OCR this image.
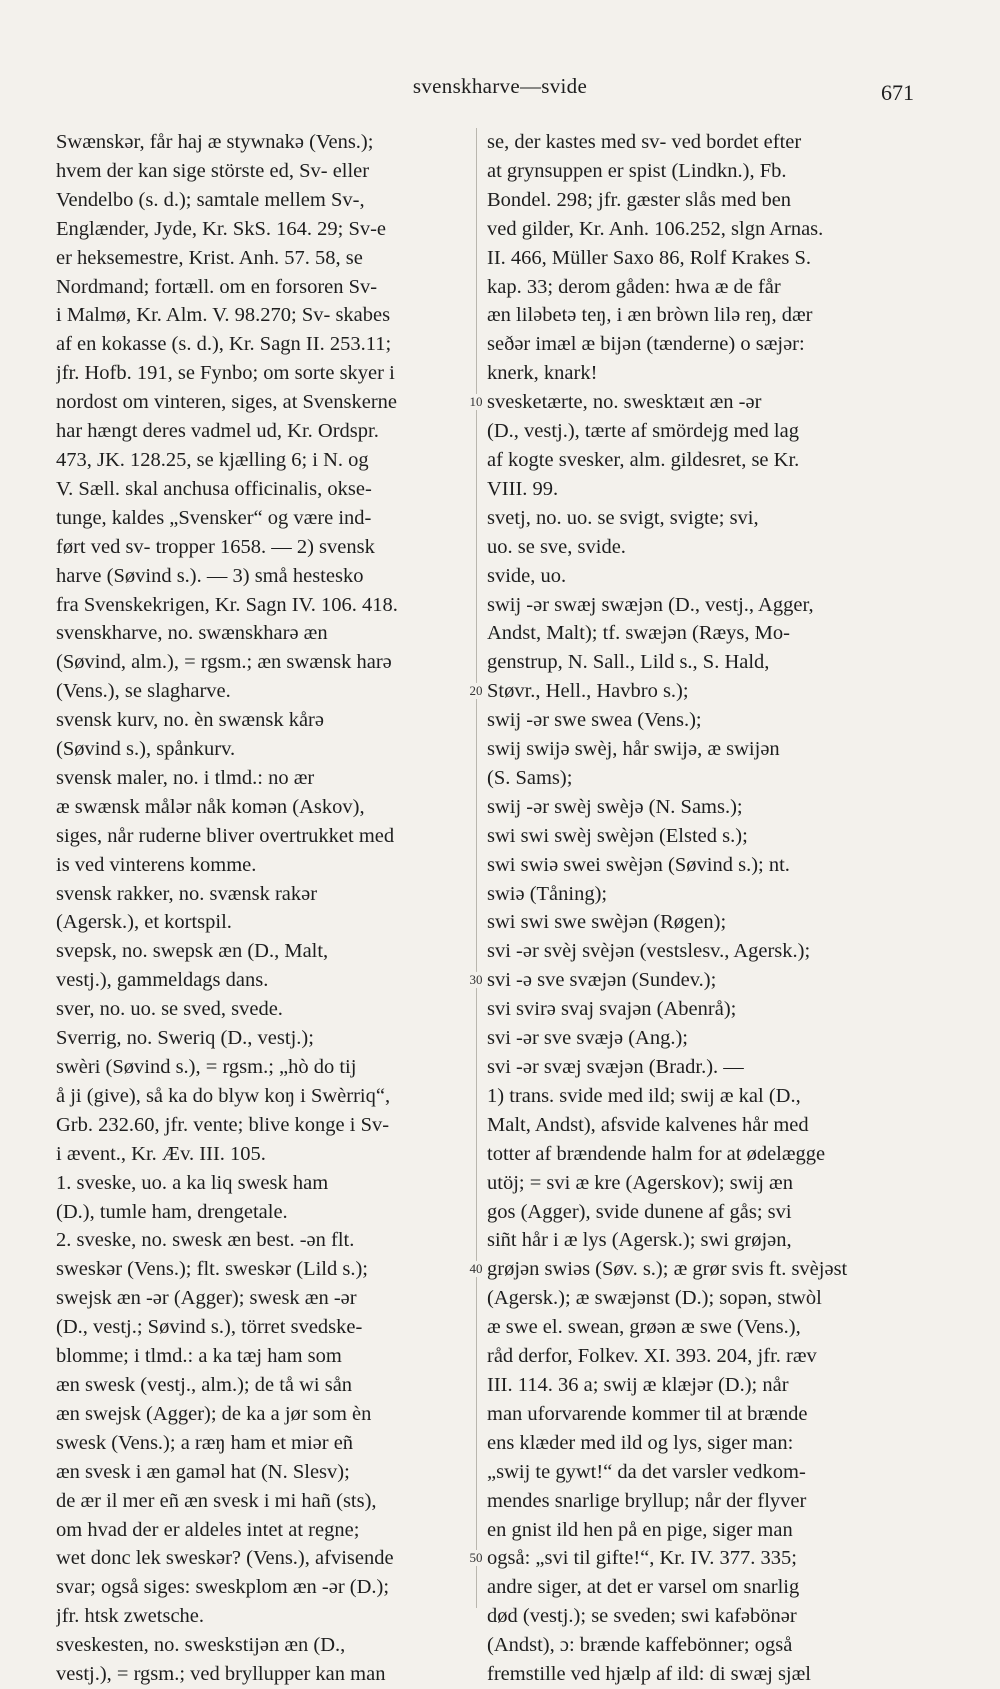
svenskharve—svide	671
Swænskər, får haj æ stywnakə (Vens.);
hvem der kan sige störste ed, Sv- eller
Vendelbo (s. d.); samtale mellem Sv-,
Englænder, Jyde, Kr. SkS. 164. 29; Sv-e
er heksemestre, Krist. Anh. 57. 58, se
Nordmand; fortæll. om en forsoren Sv-
i Malmø, Kr. Alm. V. 98.270; Sv- skabes
af en kokasse (s. d.), Kr. Sagn II. 253.11;
jfr. Hofb. 191, se Fynbo; om sorte skyer i
nordost om vinteren, siges, at Svenskerne
har hængt deres vadmel ud, Kr. Ordspr.
473, JK. 128.25, se kjælling 6; i N. og
V. Sæll. skal anchusa officinalis, okse-
tunge, kaldes „Svensker“ og være ind-
ført ved sv- tropper 1658. — 2) svensk
harve (Søvind s.). — 3) små hestesko
fra Svenskekrigen, Kr. Sagn IV. 106. 418.
svenskharve, no. swænskharə æn
(Søvind, alm.), = rgsm.; æn swænsk harə
(Vens.), se slagharve.
svensk kurv, no. èn swænsk kårə
(Søvind s.), spånkurv.
svensk maler, no. i tlmd.: no ær
æ swænsk målər nåk komən (Askov),
siges, når ruderne bliver overtrukket med
is ved vinterens komme.
svensk rakker, no. svænsk rakər
(Agersk.), et kortspil.
svepsk, no. swepsk æn (D., Malt,
vestj.), gammeldags dans.
sver, no. uo. se sved, svede.
Sverrig, no. Sweriq (D., vestj.);
swèri (Søvind s.), = rgsm.; „hò do tij
å ji (give), så ka do blyw koŋ i Swèrriq“,
Grb. 232.60, jfr. vente; blive konge i Sv-
i ævent., Kr. Æv. III. 105.
1. sveske, uo. a ka liq swesk ham
(D.), tumle ham, drengetale.
2. sveske, no. swesk æn best. -ən flt.
sweskər (Vens.); flt. sweskər (Lild s.);
swejsk æn -ər (Agger); swesk æn -ər
(D., vestj.; Søvind s.), törret svedske-
blomme; i tlmd.: a ka tæj ham som
æn swesk (vestj., alm.); de tå wi sån
æn swejsk (Agger); de ka a jør som èn
swesk (Vens.); a ræŋ ham et miər eñ
æn svesk i æn gaməl hat (N. Slesv);
de ær il mer eñ æn svesk i mi hañ (sts),
om hvad der er aldeles intet at regne;
wet donc lek sweskər? (Vens.), afvisende
svar; også siges: sweskplom æn -ər (D.);
jfr. htsk zwetsche.
sveskesten, no. sweskstijən æn (D.,
vestj.), = rgsm.; ved bryllupper kan man
se, der kastes med sv- ved bordet efter
at grynsuppen er spist (Lindkn.), Fb.
Bondel. 298; jfr. gæster slås med ben
ved gilder, Kr. Anh. 106.252, slgn Arnas.
II. 466, Müller Saxo 86, Rolf Krakes S.
kap. 33; derom gåden: hwa æ de får
æn lilәbetә teŋ, i æn bròwn lilә reŋ, dær
seðər imæl æ bijən (tænderne) o sæjər:
knerk, knark!
svesketærte, no. swesktæıt æn -ər
(D., vestj.), tærte af smördejg med lag
af kogte svesker, alm. gildesret, se Kr.
VIII. 99.
svetj, no. uo. se svigt, svigte; svi,
uo. se sve, svide.
svide, uo.
swij -ər swæj swæjən (D., vestj., Agger,
Andst, Malt); tf. swæjən (Ræys, Mo-
genstrup, N. Sall., Lild s., S. Hald,
Støvr., Hell., Havbro s.);
swij -ər swe swea (Vens.);
swij swijə swèj, hår swijə, æ swijən
(S. Sams);
swij -ər swèj swèjə (N. Sams.);
swi swi swèj swèjən (Elsted s.);
swi swiə swei swèjən (Søvind s.); nt.
swiə (Tåning);
swi swi swe swèjən (Røgen);
svi -ər svèj svèjən (vestslesv., Agersk.);
svi -ə sve svæjən (Sundev.);
svi svirə svaj svajən (Abenrå);
svi -ər sve svæjə (Ang.);
svi -ər svæj svæjən (Bradr.). —
1) trans. svide med ild; swij æ kal (D.,
Malt, Andst), afsvide kalvenes hår med
totter af brændende halm for at ødelægge
utöj; = svi æ kre (Agerskov); swij æn
gos (Agger), svide dunene af gås; svi
siñt hår i æ lys (Agersk.); swi grøjən,
grøjən swiəs (Søv. s.); æ grør svis ft. svèjəst
(Agersk.); æ swæjənst (D.); sopən, stwòl
æ swe el. swean, grøən æ swe (Vens.),
råd derfor, Folkev. XI. 393. 204, jfr. ræv
III. 114. 36 a; swij æ klæjər (D.); når
man uforvarende kommer til at brænde
ens klæder med ild og lys, siger man:
„swij te gywt!“ da det varsler vedkom-
mendes snarlige bryllup; når der flyver
en gnist ild hen på en pige, siger man
også: „svi til gifte!“, Kr. IV. 377. 335;
andre siger, at det er varsel om snarlig
død (vestj.); se sveden; swi kafəbönər
(Andst), ɔ: brænde kaffebönner; også
fremstille ved hjælp af ild: di swæj sjæl
10
20
30
40
50
